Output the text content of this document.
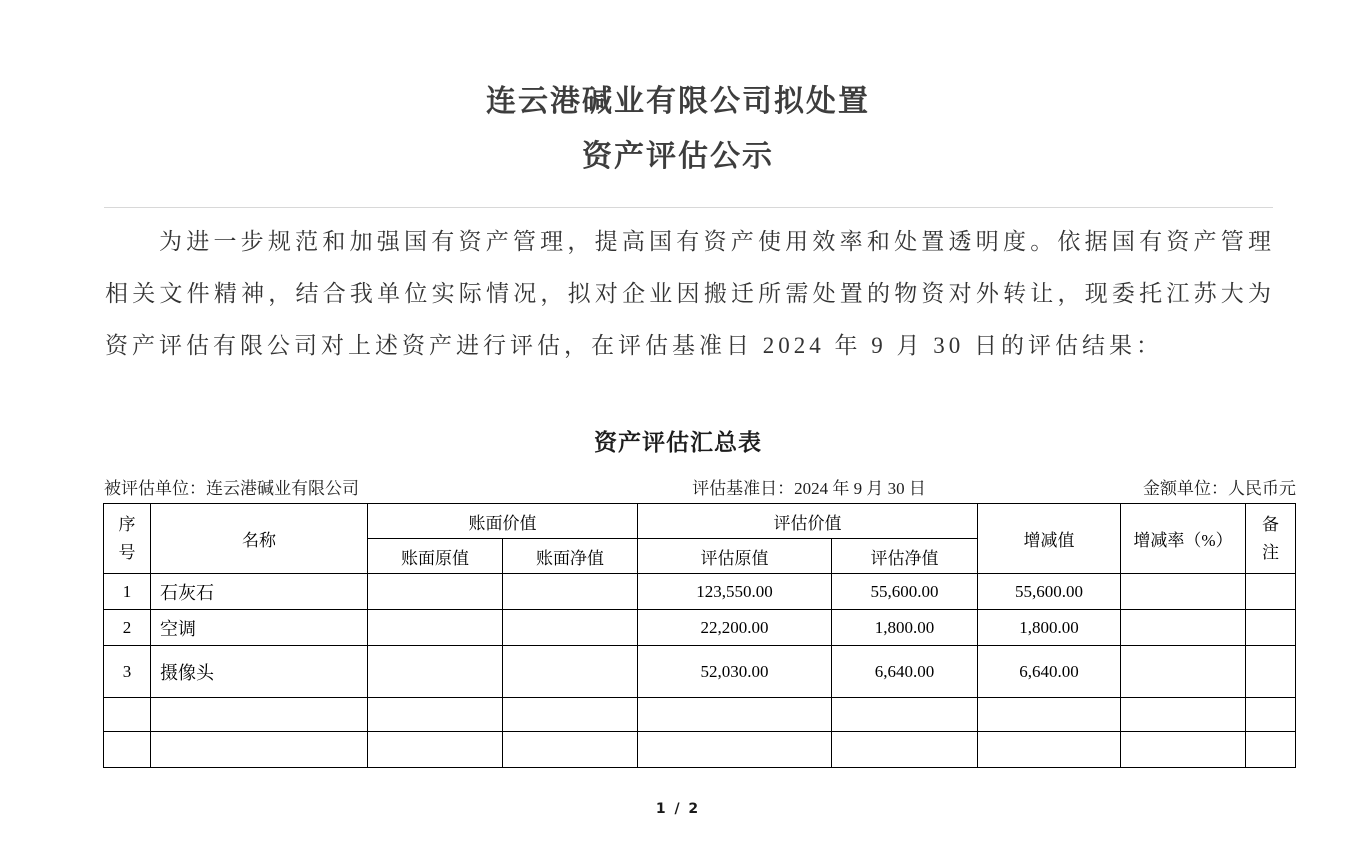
连云港碱业有限公司拟处置
资产评估公示

为进一步规范和加强国有资产管理，提高国有资产使用效率和处置透明度。依据国有资产管理相关文件精神，结合我单位实际情况，拟对企业因搬迁所需处置的物资对外转让，现委托江苏大为资产评估有限公司对上述资产进行评估，在评估基准日 2024 年 9 月 30 日的评估结果：

资产评估汇总表
被评估单位：连云港碱业有限公司	评估基准日：2024 年 9 月 30 日	金额单位：人民币元
序号	名称	账面价值		评估价值		增减值	增减率（%）	备注
		账面原值	账面净值	评估原值	评估净值			
1	石灰石			123,550.00	55,600.00	55,600.00		
2	空调			22,200.00	1,800.00	1,800.00		
3	摄像头			52,030.00	6,640.00	6,640.00		

1 / 2
